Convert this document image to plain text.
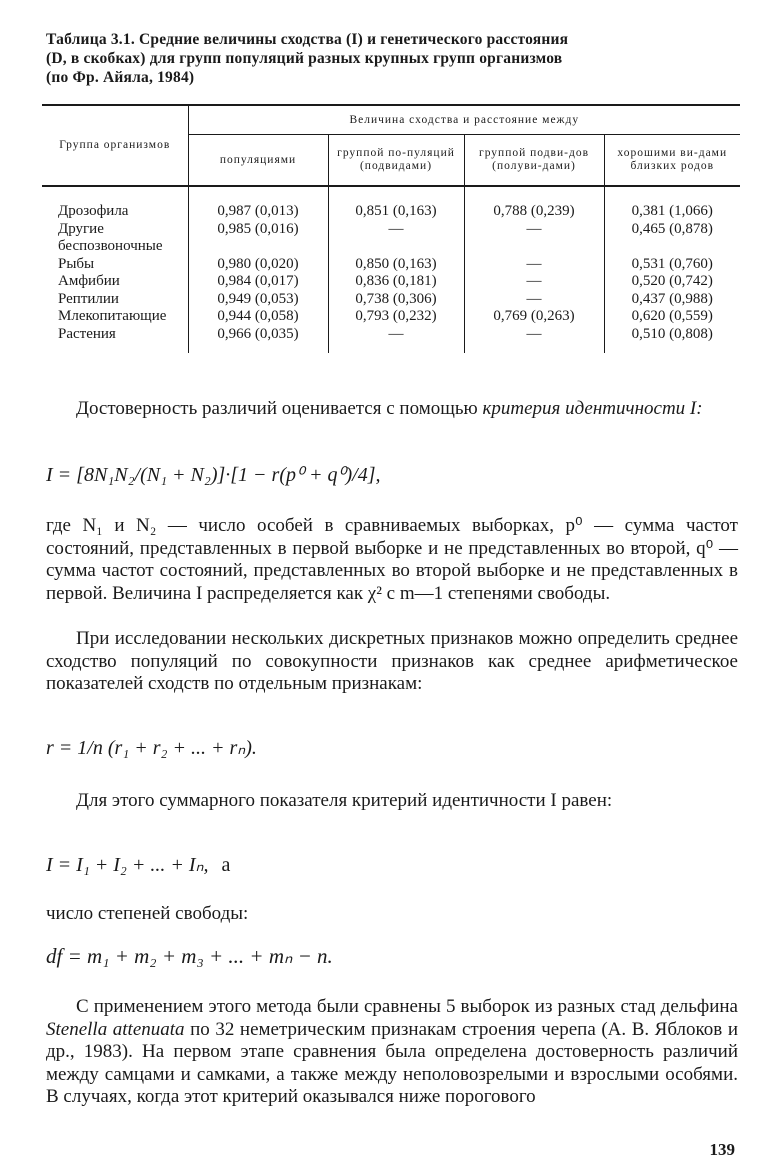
Таблица 3.1. Средние величины сходства (I) и генетического расстояния
(D, в скобках) для групп популяций разных крупных групп организмов
(по Фр. Айяла, 1984)
Группа организмов	Величина сходства и расстояние между			
	популяциями	группой по-пуляций (подвидами)	группой подви-дов (полуви-дами)	хорошими ви-дами близких родов
Дрозофила	0,987 (0,013)	0,851 (0,163)	0,788 (0,239)	0,381 (1,066)
Другие беспозвоночные	0,985 (0,016)	—	—	0,465 (0,878)
Рыбы	0,980 (0,020)	0,850 (0,163)	—	0,531 (0,760)
Амфибии	0,984 (0,017)	0,836 (0,181)	—	0,520 (0,742)
Рептилии	0,949 (0,053)	0,738 (0,306)	—	0,437 (0,988)
Млекопитающие	0,944 (0,058)	0,793 (0,232)	0,769 (0,263)	0,620 (0,559)
Растения	0,966 (0,035)	—	—	0,510 (0,808)

Достоверность различий оценивается с помощью критерия идентичности I:

I = [8N₁N₂/(N₁ + N₂)]·[1 − r(p⁰ + q⁰)/4],

где N₁ и N₂ — число особей в сравниваемых выборках, p⁰ — сумма частот состояний, представленных в первой выборке и не представленных во второй, q⁰ — сумма частот состояний, представленных во второй выборке и не представленных в первой. Величина I распределяется как χ² с m—1 степенями свободы.

При исследовании нескольких дискретных признаков можно определить среднее сходство популяций по совокупности признаков как среднее арифметическое показателей сходств по отдельным признакам:

r = 1/n (r₁ + r₂ + ... + rₙ).

Для этого суммарного показателя критерий идентичности I равен:

I = I₁ + I₂ + ... + Iₙ, а

число степеней свободы:

df = m₁ + m₂ + m₃ + ... + mₙ − n.

С применением этого метода были сравнены 5 выборок из разных стад дельфина Stenella attenuata по 32 неметрическим признакам строения черепа (А. В. Яблоков и др., 1983). На первом этапе сравнения была определена достоверность различий между самцами и самками, а также между неполовозрелыми и взрослыми особями. В случаях, когда этот критерий оказывался ниже порогового

139
